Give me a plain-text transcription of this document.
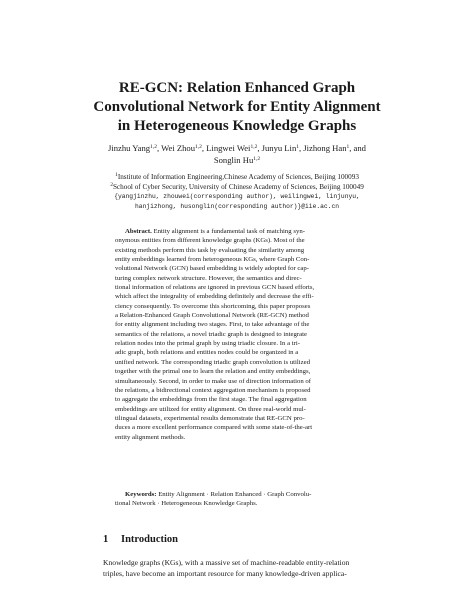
RE-GCN: Relation Enhanced Graph
Convolutional Network for Entity Alignment
in Heterogeneous Knowledge Graphs
Jinzhu Yang$^{1,2}$, Wei Zhou$^{1,2}$, Lingwei Wei$^{1,2}$, Junyu Lin$^1$, Jizhong Han$^1$, and
Songlin Hu$^{1,2}$
$^1$Institute of Information Engineering,Chinese Academy of Sciences, Beijing 100093
$^2$School of Cyber Security, University of Chinese Academy of Sciences, Beijing 100049
{yangjinzhu, zhouwei(corresponding author), weilingwei, linjunyu,
hanjizhong, husonglin(corresponding author)}@iie.ac.cn
Abstract. Entity alignment is a fundamental task of matching syn-
onymous entities from different knowledge graphs (KGs). Most of the
existing methods perform this task by evaluating the similarity among
entity embeddings learned from heterogeneous KGs, where Graph Con-
volutional Network (GCN) based embedding is widely adopted for cap-
turing complex network structure. However, the semantics and direc-
tional information of relations are ignored in previous GCN based efforts,
which affect the integrality of embedding definitely and decrease the effi-
ciency consequently. To overcome this shortcoming, this paper proposes
a Relation-Enhanced Graph Convolutional Network (RE-GCN) method
for entity alignment including two stages. First, to take advantage of the
semantics of the relations, a novel triadic graph is designed to integrate
relation nodes into the primal graph by using triadic closure. In a tri-
adic graph, both relations and entities nodes could be organized in a
unified network. The corresponding triadic graph convolution is utilized
together with the primal one to learn the relation and entity embeddings,
simultaneously. Second, in order to make use of direction information of
the relations, a bidirectional context aggregation mechanism is proposed
to aggregate the embeddings from the first stage. The final aggregation
embeddings are utilized for entity alignment. On three real-world mul-
tilingual datasets, experimental results demonstrate that RE-GCN pro-
duces a more excellent performance compared with some state-of-the-art
entity alignment methods.
Keywords: Entity Alignment · Relation Enhanced · Graph Convolu-
tional Network · Heterogeneous Knowledge Graphs.
1 Introduction
Knowledge graphs (KGs), with a massive set of machine-readable entity-relation
triples, have become an important resource for many knowledge-driven applica-
